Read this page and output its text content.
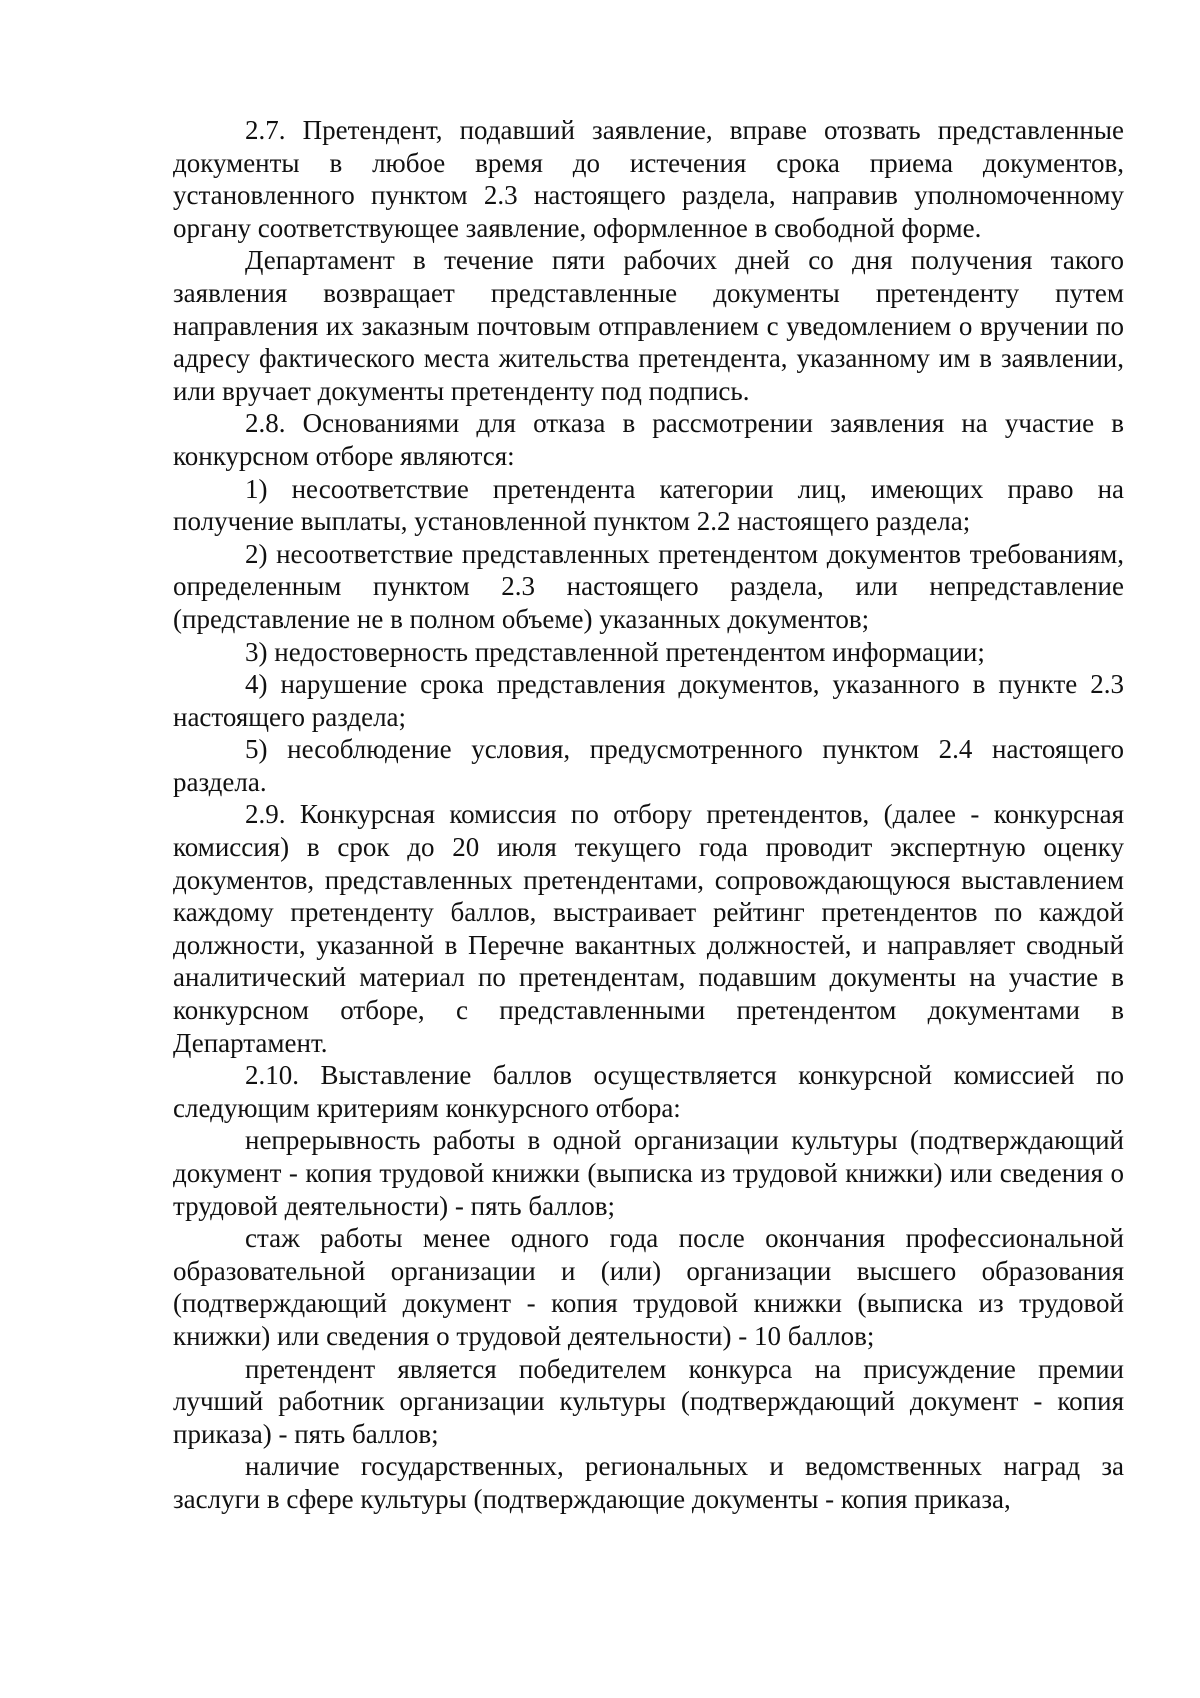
2.7. Претендент, подавший заявление, вправе отозвать представленные документы в любое время до истечения срока приема документов, установленного пунктом 2.3 настоящего раздела, направив уполномоченному органу соответствующее заявление, оформленное в свободной форме.

Департамент в течение пяти рабочих дней со дня получения такого заявления возвращает представленные документы претенденту путем направления их заказным почтовым отправлением с уведомлением о вручении по адресу фактического места жительства претендента, указанному им в заявлении, или вручает документы претенденту под подпись.

2.8. Основаниями для отказа в рассмотрении заявления на участие в конкурсном отборе являются:

1) несоответствие претендента категории лиц, имеющих право на получение выплаты, установленной пунктом 2.2 настоящего раздела;

2) несоответствие представленных претендентом документов требованиям, определенным пунктом 2.3 настоящего раздела, или непредставление (представление не в полном объеме) указанных документов;

3) недостоверность представленной претендентом информации;

4) нарушение срока представления документов, указанного в пункте 2.3 настоящего раздела;

5) несоблюдение условия, предусмотренного пунктом 2.4 настоящего раздела.

2.9. Конкурсная комиссия по отбору претендентов, (далее - конкурсная комиссия) в срок до 20 июля текущего года проводит экспертную оценку документов, представленных претендентами, сопровождающуюся выставлением каждому претенденту баллов, выстраивает рейтинг претендентов по каждой должности, указанной в Перечне вакантных должностей, и направляет сводный аналитический материал по претендентам, подавшим документы на участие в конкурсном отборе, с представленными претендентом документами в Департамент.

2.10. Выставление баллов осуществляется конкурсной комиссией по следующим критериям конкурсного отбора:

непрерывность работы в одной организации культуры (подтверждающий документ - копия трудовой книжки (выписка из трудовой книжки) или сведения о трудовой деятельности) - пять баллов;

стаж работы менее одного года после окончания профессиональной образовательной организации и (или) организации высшего образования (подтверждающий документ - копия трудовой книжки (выписка из трудовой книжки) или сведения о трудовой деятельности) - 10 баллов;

претендент является победителем конкурса на присуждение премии лучший работник организации культуры (подтверждающий документ - копия приказа) - пять баллов;

наличие государственных, региональных и ведомственных наград за заслуги в сфере культуры (подтверждающие документы - копия приказа,
